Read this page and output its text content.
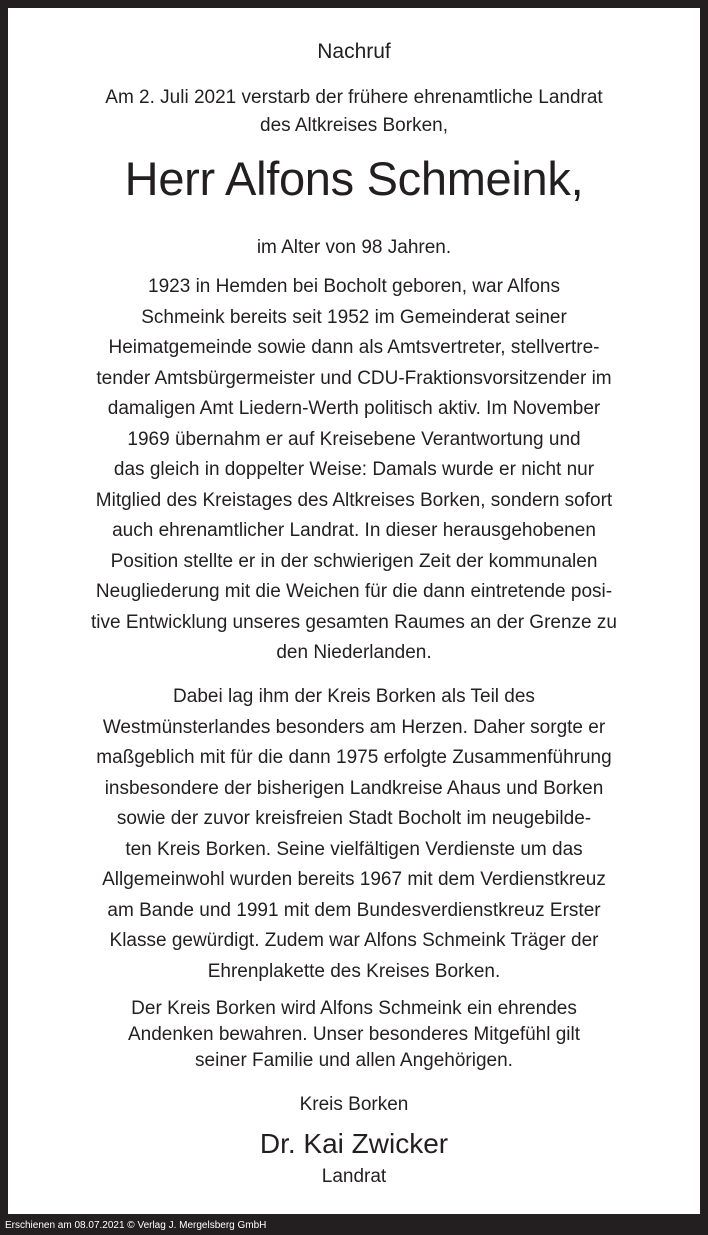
Nachruf

Am 2. Juli 2021 verstarb der frühere ehrenamtliche Landrat
des Altkreises Borken,

Herr Alfons Schmeink,

im Alter von 98 Jahren.

1923 in Hemden bei Bocholt geboren, war Alfons
Schmeink bereits seit 1952 im Gemeinderat seiner
Heimatgemeinde sowie dann als Amtsvertreter, stellvertre-
tender Amtsbürgermeister und CDU-Fraktionsvorsitzender im
damaligen Amt Liedern-Werth politisch aktiv. Im November
1969 übernahm er auf Kreisebene Verantwortung und
das gleich in doppelter Weise: Damals wurde er nicht nur
Mitglied des Kreistages des Altkreises Borken, sondern sofort
auch ehrenamtlicher Landrat. In dieser herausgehobenen
Position stellte er in der schwierigen Zeit der kommunalen
Neugliederung mit die Weichen für die dann eintretende posi-
tive Entwicklung unseres gesamten Raumes an der Grenze zu
den Niederlanden.
Dabei lag ihm der Kreis Borken als Teil des
Westmünsterlandes besonders am Herzen. Daher sorgte er
maßgeblich mit für die dann 1975 erfolgte Zusammenführung
insbesondere der bisherigen Landkreise Ahaus und Borken
sowie der zuvor kreisfreien Stadt Bocholt im neugebilde-
ten Kreis Borken. Seine vielfältigen Verdienste um das
Allgemeinwohl wurden bereits 1967 mit dem Verdienstkreuz
am Bande und 1991 mit dem Bundesverdienstkreuz Erster
Klasse gewürdigt. Zudem war Alfons Schmeink Träger der
Ehrenplakette des Kreises Borken.
Der Kreis Borken wird Alfons Schmeink ein ehrendes
Andenken bewahren. Unser besonderes Mitgefühl gilt
seiner Familie und allen Angehörigen.

Kreis Borken

Dr. Kai Zwicker

Landrat

Erschienen am 08.07.2021 © Verlag J. Mergelsberg GmbH
